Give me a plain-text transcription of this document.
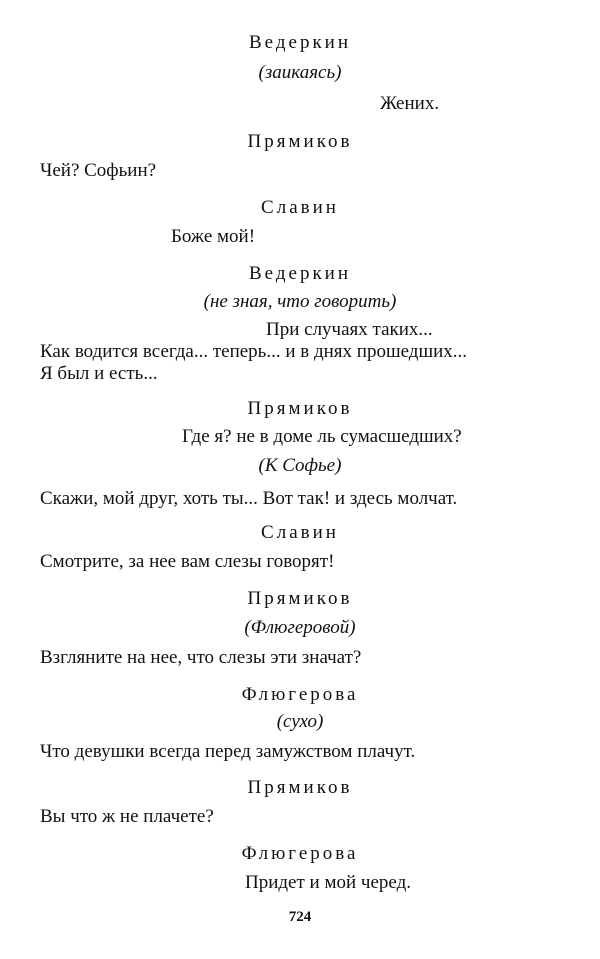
Ведеркин
(заикаясь)
Жених.
Прямиков
Чей? Софьин?
Славин
Боже мой!
Ведеркин
(не зная, что говорить)
При случаях таких...
Как водится всегда... теперь... и в днях прошедших...
Я был и есть...
Прямиков
Где я? не в доме ль сумасшедших?
(К Софье)
Скажи, мой друг, хоть ты... Вот так! и здесь молчат.
Славин
Смотрите, за нее вам слезы говорят!
Прямиков
(Флюгеровой)
Взгляните на нее, что слезы эти значат?
Флюгерова
(сухо)
Что девушки всегда перед замужством плачут.
Прямиков
Вы что ж не плачете?
Флюгерова
Придет и мой черед.
724
